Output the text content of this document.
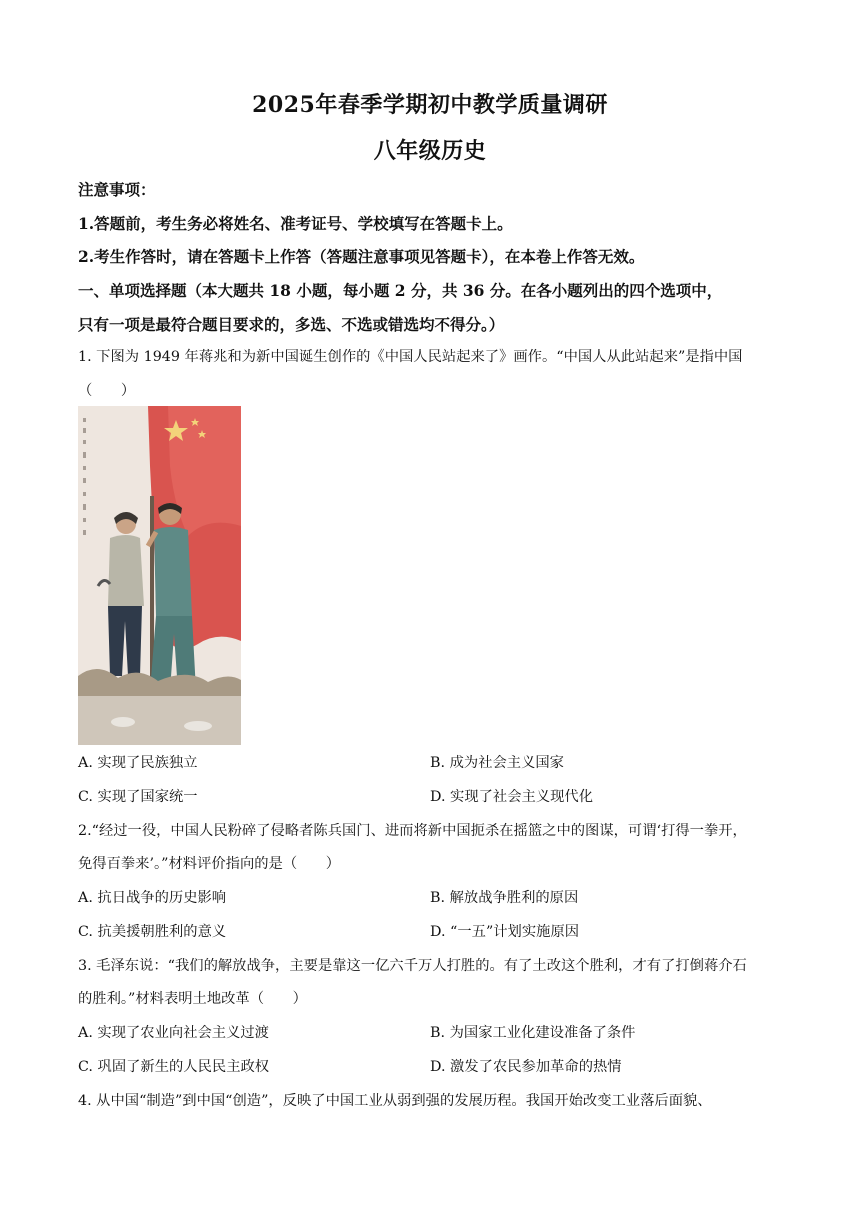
2025年春季学期初中教学质量调研
八年级历史
注意事项：
1.答题前，考生务必将姓名、准考证号、学校填写在答题卡上。
2.考生作答时，请在答题卡上作答（答题注意事项见答题卡），在本卷上作答无效。
一、单项选择题（本大题共 18 小题，每小题 2 分，共 36 分。在各小题列出的四个选项中，
只有一项是最符合题目要求的，多选、不选或错选均不得分。）
1. 下图为 1949 年蒋兆和为新中国诞生创作的《中国人民站起来了》画作。“中国人从此站起来”是指中国
（　　）
A. 实现了民族独立	B. 成为社会主义国家
C. 实现了国家统一	D. 实现了社会主义现代化
2.“经过一役，中国人民粉碎了侵略者陈兵国门、进而将新中国扼杀在摇篮之中的图谋，可谓‘打得一拳开，
免得百拳来’。”材料评价指向的是（　　）
A. 抗日战争的历史影响	B. 解放战争胜利的原因
C. 抗美援朝胜利的意义	D. “一五”计划实施原因
3. 毛泽东说：“我们的解放战争，主要是靠这一亿六千万人打胜的。有了土改这个胜利，才有了打倒蒋介石
的胜利。”材料表明土地改革（　　）
A. 实现了农业向社会主义过渡	B. 为国家工业化建设准备了条件
C. 巩固了新生的人民民主政权	D. 激发了农民参加革命的热情
4. 从中国“制造”到中国“创造”，反映了中国工业从弱到强的发展历程。我国开始改变工业落后面貌、
